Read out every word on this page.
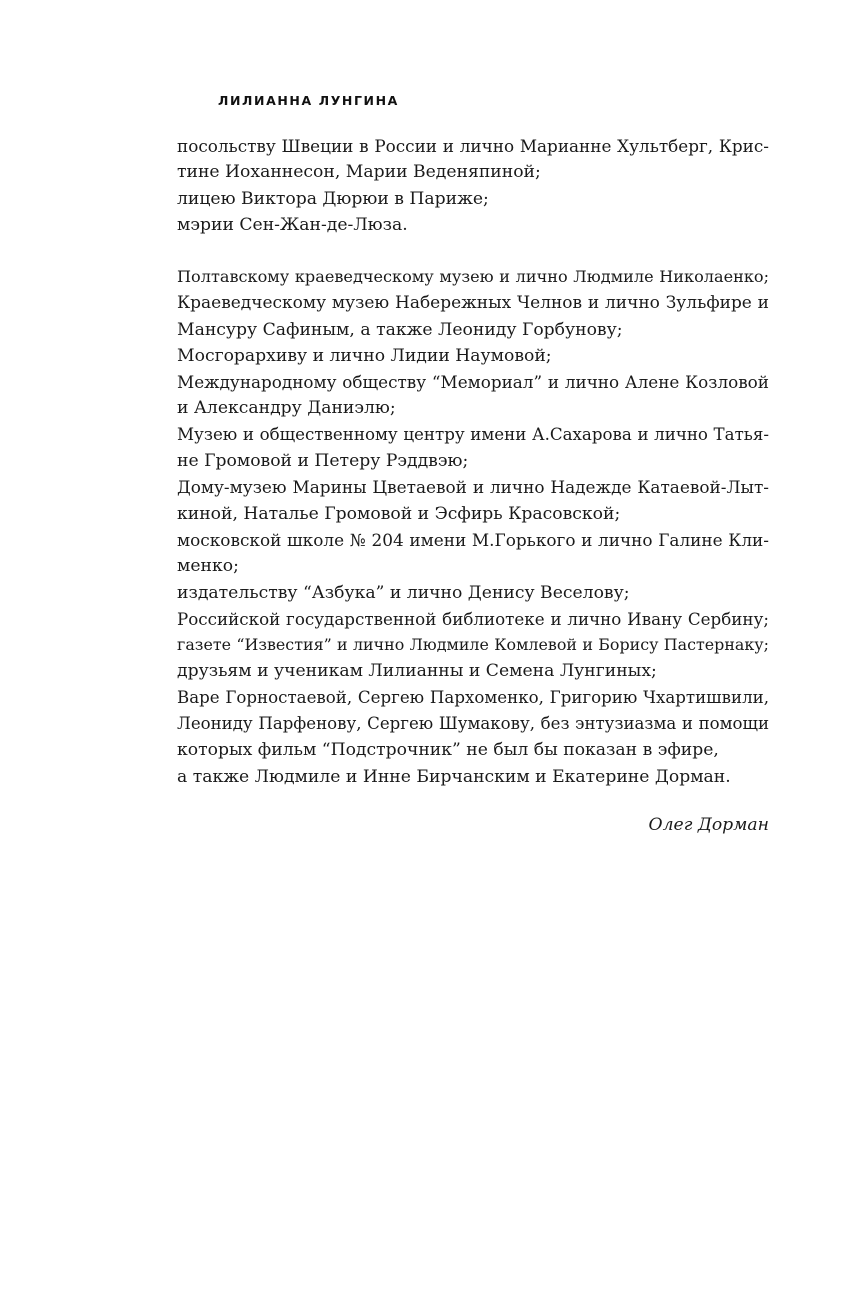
ЛИЛИАННА ЛУНГИНА
посольству Швеции в России и лично Марианне Хультберг, Крис-
тине Иоханнесон, Марии Веденяпиной;
лицею Виктора Дюрюи в Париже;
мэрии Сен-Жан-де-Люза.
Полтавскому краеведческому музею и лично Людмиле Николаенко;
Краеведческому музею Набережных Челнов и лично Зульфире и
Мансуру Сафиным, а также Леониду Горбунову;
Мосгорархиву и лично Лидии Наумовой;
Международному обществу “Мемориал” и лично Алене Козловой
и Александру Даниэлю;
Музею и общественному центру имени А.Сахарова и лично Татья-
не Громовой и Петеру Рэддвэю;
Дому-музею Марины Цветаевой и лично Надежде Катаевой-Лыт-
киной, Наталье Громовой и Эсфирь Красовской;
московской школе № 204 имени М.Горького и лично Галине Кли-
менко;
издательству “Азбука” и лично Денису Веселову;
Российской государственной библиотеке и лично Ивану Сербину;
газете “Известия” и лично Людмиле Комлевой и Борису Пастернаку;
друзьям и ученикам Лилианны и Семена Лунгиных;
Варе Горностаевой, Сергею Пархоменко, Григорию Чхартишвили,
Леониду Парфенову, Сергею Шумакову, без энтузиазма и помощи
которых фильм “Подстрочник” не был бы показан в эфире,
а также Людмиле и Инне Бирчанским и Екатерине Дорман.
Олег Дорман
